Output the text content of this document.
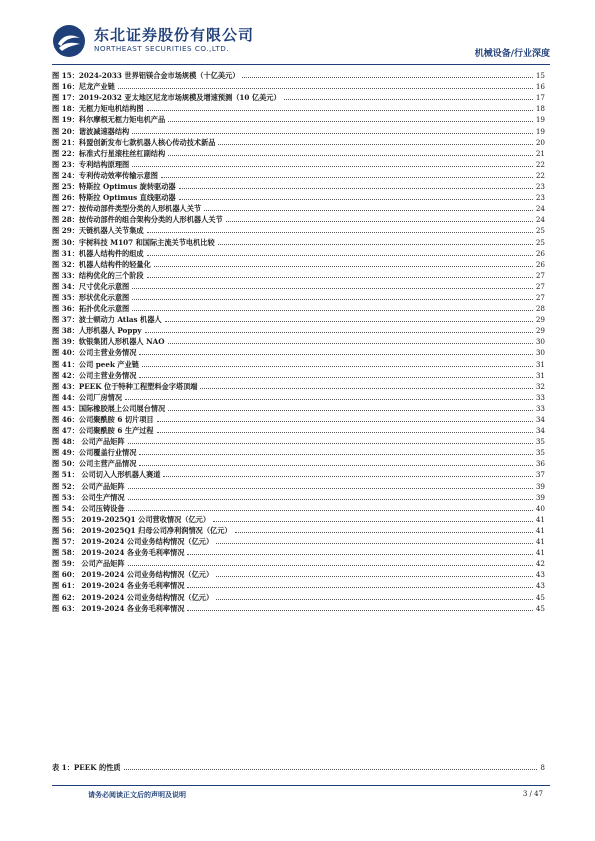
东北证券股份有限公司
NORTHEAST SECURITIES CO.,LTD.
机械设备/行业深度
图 15：2024-2033 世界铝镁合金市场规模（十亿美元）	15
图 16：尼龙产业链	16
图 17：2019-2032 亚太地区尼龙市场规模及增速预测（10 亿美元）	17
图 18：无框力矩电机结构图	18
图 19：科尔摩根无框力矩电机产品	19
图 20：谐波减速器结构	19
图 21：科盟创新发布七款机器人核心传动技术新品	20
图 22：标准式行星滚柱丝杠副结构	21
图 23：专利结构原理图	22
图 24：专利传动效率传输示意图	22
图 25：特斯拉 Optimus 旋转驱动器	23
图 26：特斯拉 Optimus 直线驱动器	23
图 27：按传动部件类型分类的人形机器人关节	24
图 28：按传动部件的组合架构分类的人形机器人关节	24
图 29：天链机器人关节集成	25
图 30：宇树科技 M107 和国际主流关节电机比较	25
图 31：机器人结构件的组成	26
图 32：机器人结构件的轻量化	26
图 33：结构优化的三个阶段	27
图 34：尺寸优化示意图	27
图 35：形状优化示意图	27
图 36：拓扑优化示意图	28
图 37：波士顿动力 Atlas 机器人	29
图 38：人形机器人 Poppy	29
图 39：软银集团人形机器人 NAO	30
图 40：公司主营业务情况	30
图 41：公司 peek 产业链	31
图 42：公司主营业务情况	31
图 43：PEEK 位于特种工程塑料金字塔顶端	32
图 44：公司厂房情况	33
图 45：国际橡胶展上公司展台情况	33
图 46：公司聚酰胺 6 切片项目	34
图 47：公司聚酰胺 6 生产过程	34
图 48： 公司产品矩阵	35
图 49：公司覆盖行业情况	35
图 50：公司主营产品情况	36
图 51： 公司切入人形机器人赛道	37
图 52： 公司产品矩阵	39
图 53： 公司生产情况	39
图 54： 公司压铸设备	40
图 55： 2019-2025Q1 公司营收情况（亿元）	41
图 56： 2019-2025Q1 归母公司净利润情况（亿元）	41
图 57： 2019-2024 公司业务结构情况（亿元）	41
图 58： 2019-2024 各业务毛利率情况	41
图 59： 公司产品矩阵	42
图 60： 2019-2024 公司业务结构情况（亿元）	43
图 61： 2019-2024 各业务毛利率情况	43
图 62： 2019-2024 公司业务结构情况（亿元）	45
图 63： 2019-2024 各业务毛利率情况	45
表 1：PEEK 的性质	8
请务必阅读正文后的声明及说明	3 / 47
